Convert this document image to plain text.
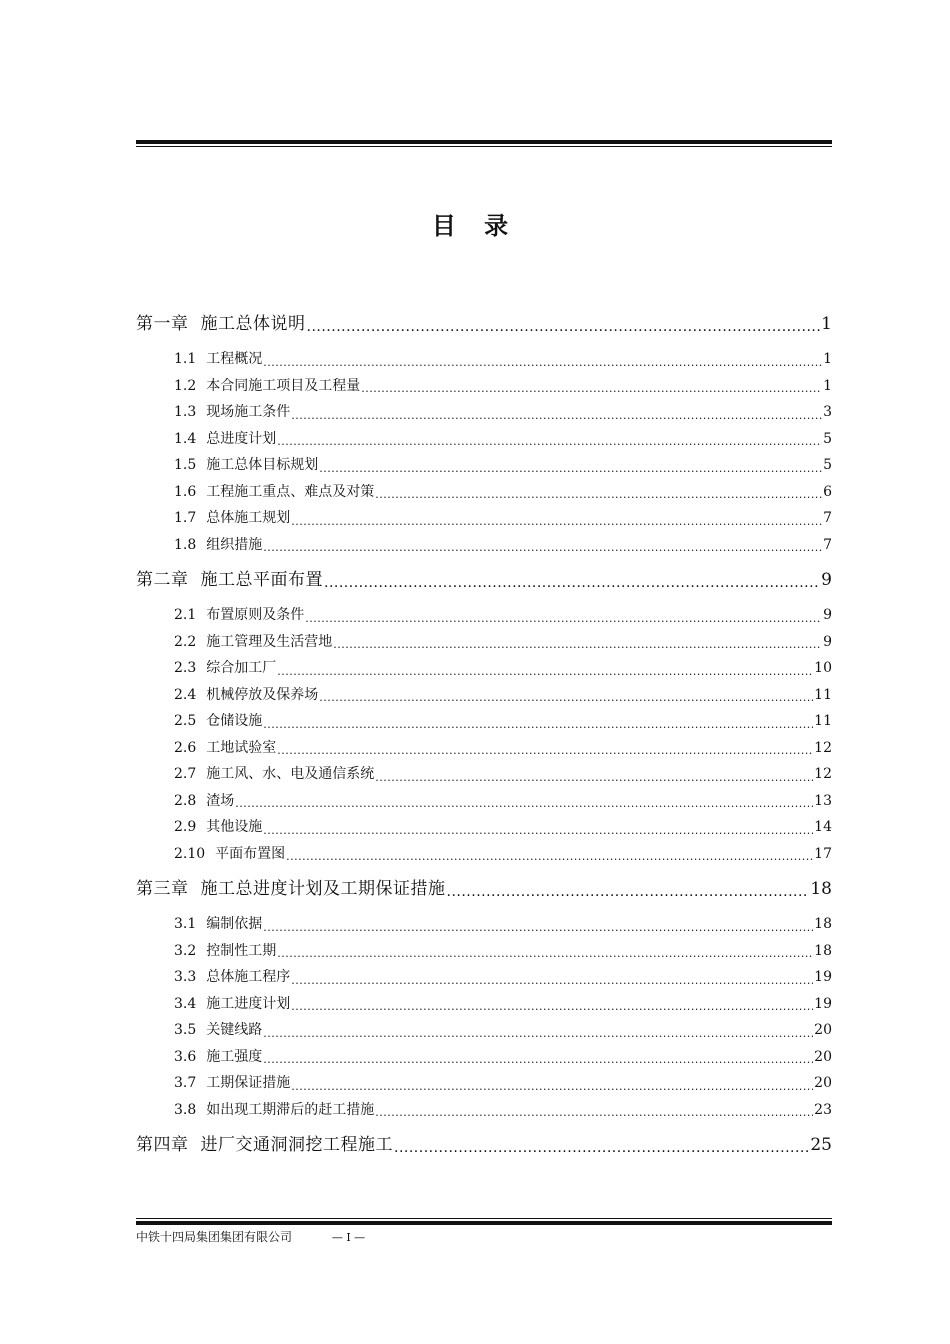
目 录
第一章 施工总体说明 .....	1
1.1 工程概况 .....	1
1.2 本合同施工项目及工程量 .....	1
1.3 现场施工条件 .....	3
1.4 总进度计划 .....	5
1.5 施工总体目标规划 .....	5
1.6 工程施工重点、难点及对策 .....	6
1.7 总体施工规划 .....	7
1.8 组织措施 .....	7
第二章 施工总平面布置 .....	9
2.1 布置原则及条件 .....	9
2.2 施工管理及生活营地 .....	9
2.3 综合加工厂 .....	10
2.4 机械停放及保养场 .....	11
2.5 仓储设施 .....	11
2.6 工地试验室 .....	12
2.7 施工风、水、电及通信系统 .....	12
2.8 渣场 .....	13
2.9 其他设施 .....	14
2.10 平面布置图 .....	17
第三章 施工总进度计划及工期保证措施 .....	18
3.1 编制依据 .....	18
3.2 控制性工期 .....	18
3.3 总体施工程序 .....	19
3.4 施工进度计划 .....	19
3.5 关键线路 .....	20
3.6 施工强度 .....	20
3.7 工期保证措施 .....	20
3.8 如出现工期滞后的赶工措施 .....	23
第四章 进厂交通洞洞挖工程施工 .....	25
中铁十四局集团集团有限公司	— I —
